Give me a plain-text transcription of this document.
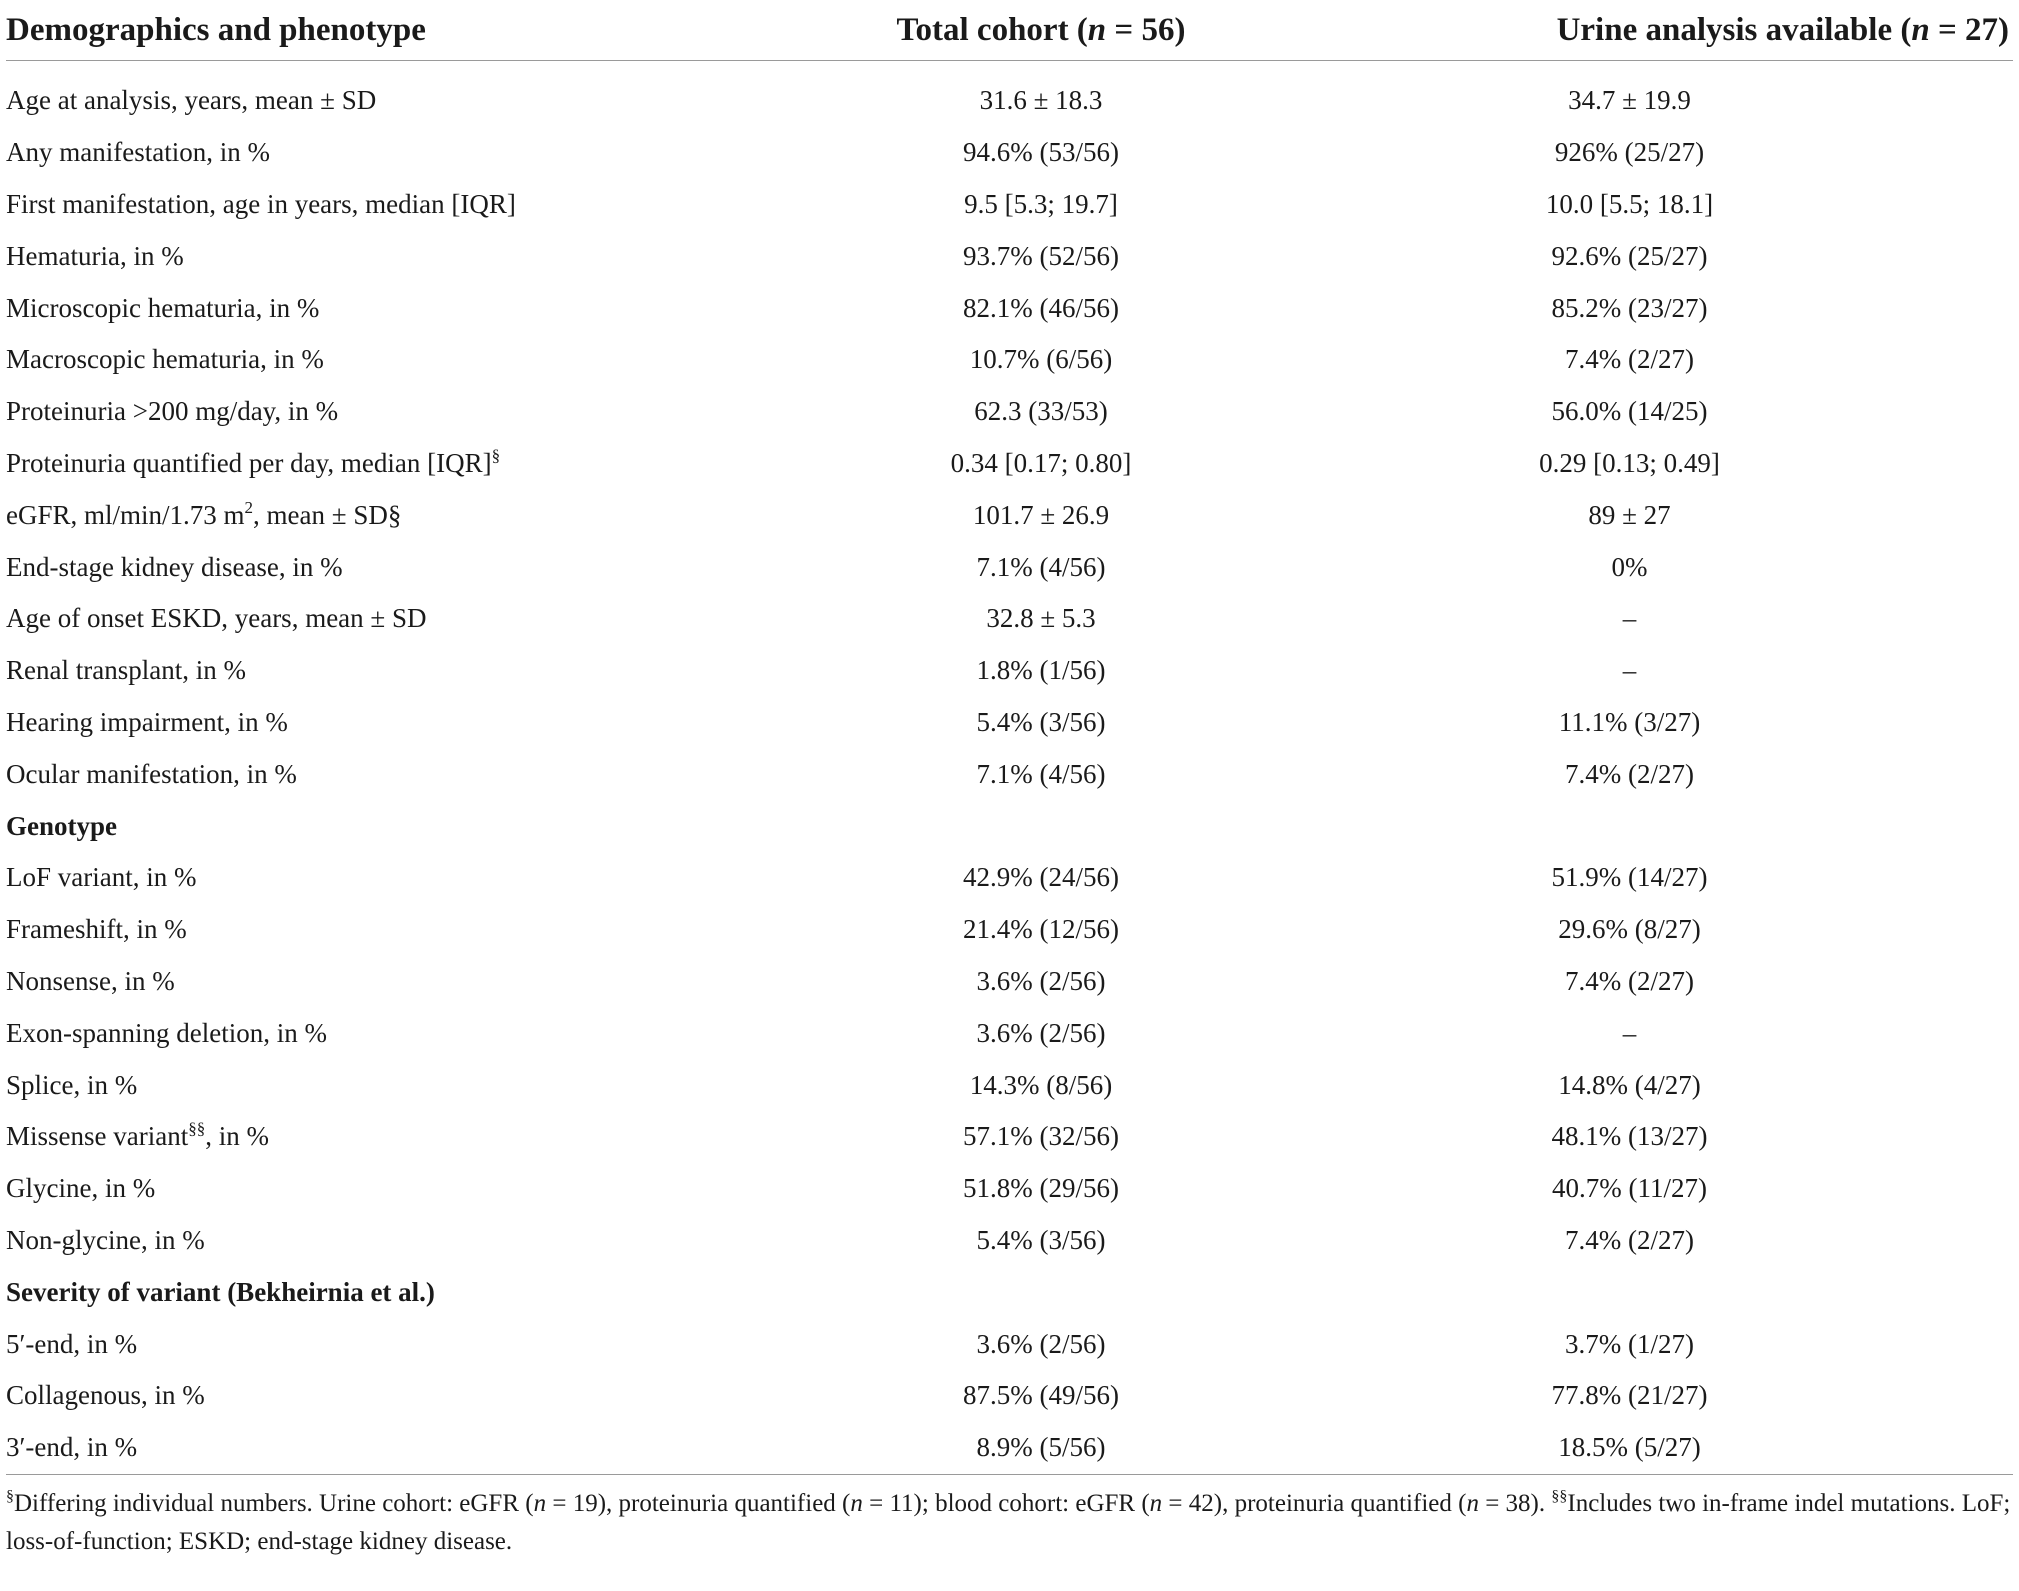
Demographics and phenotype	Total cohort (n = 56)	Urine analysis available (n = 27)

Age at analysis, years, mean ± SD	31.6 ± 18.3	34.7 ± 19.9
Any manifestation, in %	94.6% (53/56)	926% (25/27)
First manifestation, age in years, median [IQR]	9.5 [5.3; 19.7]	10.0 [5.5; 18.1]
Hematuria, in %	93.7% (52/56)	92.6% (25/27)
Microscopic hematuria, in %	82.1% (46/56)	85.2% (23/27)
Macroscopic hematuria, in %	10.7% (6/56)	7.4% (2/27)
Proteinuria >200 mg/day, in %	62.3 (33/53)	56.0% (14/25)
Proteinuria quantified per day, median [IQR]§	0.34 [0.17; 0.80]	0.29 [0.13; 0.49]
eGFR, ml/min/1.73 $m^2$, mean ± SD§	101.7 ± 26.9	89 ± 27
End-stage kidney disease, in %	7.1% (4/56)	0%
Age of onset ESKD, years, mean ± SD	32.8 ± 5.3	–
Renal transplant, in %	1.8% (1/56)	–
Hearing impairment, in %	5.4% (3/56)	11.1% (3/27)
Ocular manifestation, in %	7.1% (4/56)	7.4% (2/27)
Genotype		
LoF variant, in %	42.9% (24/56)	51.9% (14/27)
Frameshift, in %	21.4% (12/56)	29.6% (8/27)
Nonsense, in %	3.6% (2/56)	7.4% (2/27)
Exon-spanning deletion, in %	3.6% (2/56)	–
Splice, in %	14.3% (8/56)	14.8% (4/27)
Missense variant§§, in %	57.1% (32/56)	48.1% (13/27)
Glycine, in %	51.8% (29/56)	40.7% (11/27)
Non-glycine, in %	5.4% (3/56)	7.4% (2/27)
Severity of variant (Bekheirnia et al.)		
5′-end, in %	3.6% (2/56)	3.7% (1/27)
Collagenous, in %	87.5% (49/56)	77.8% (21/27)
3′-end, in %	8.9% (5/56)	18.5% (5/27)
§Differing individual numbers. Urine cohort: eGFR (n = 19), proteinuria quantified (n = 11); blood cohort: eGFR (n = 42), proteinuria quantified (n = 38). §§Includes two in-frame indel mutations. LoF; loss-of-function; ESKD; end-stage kidney disease.
